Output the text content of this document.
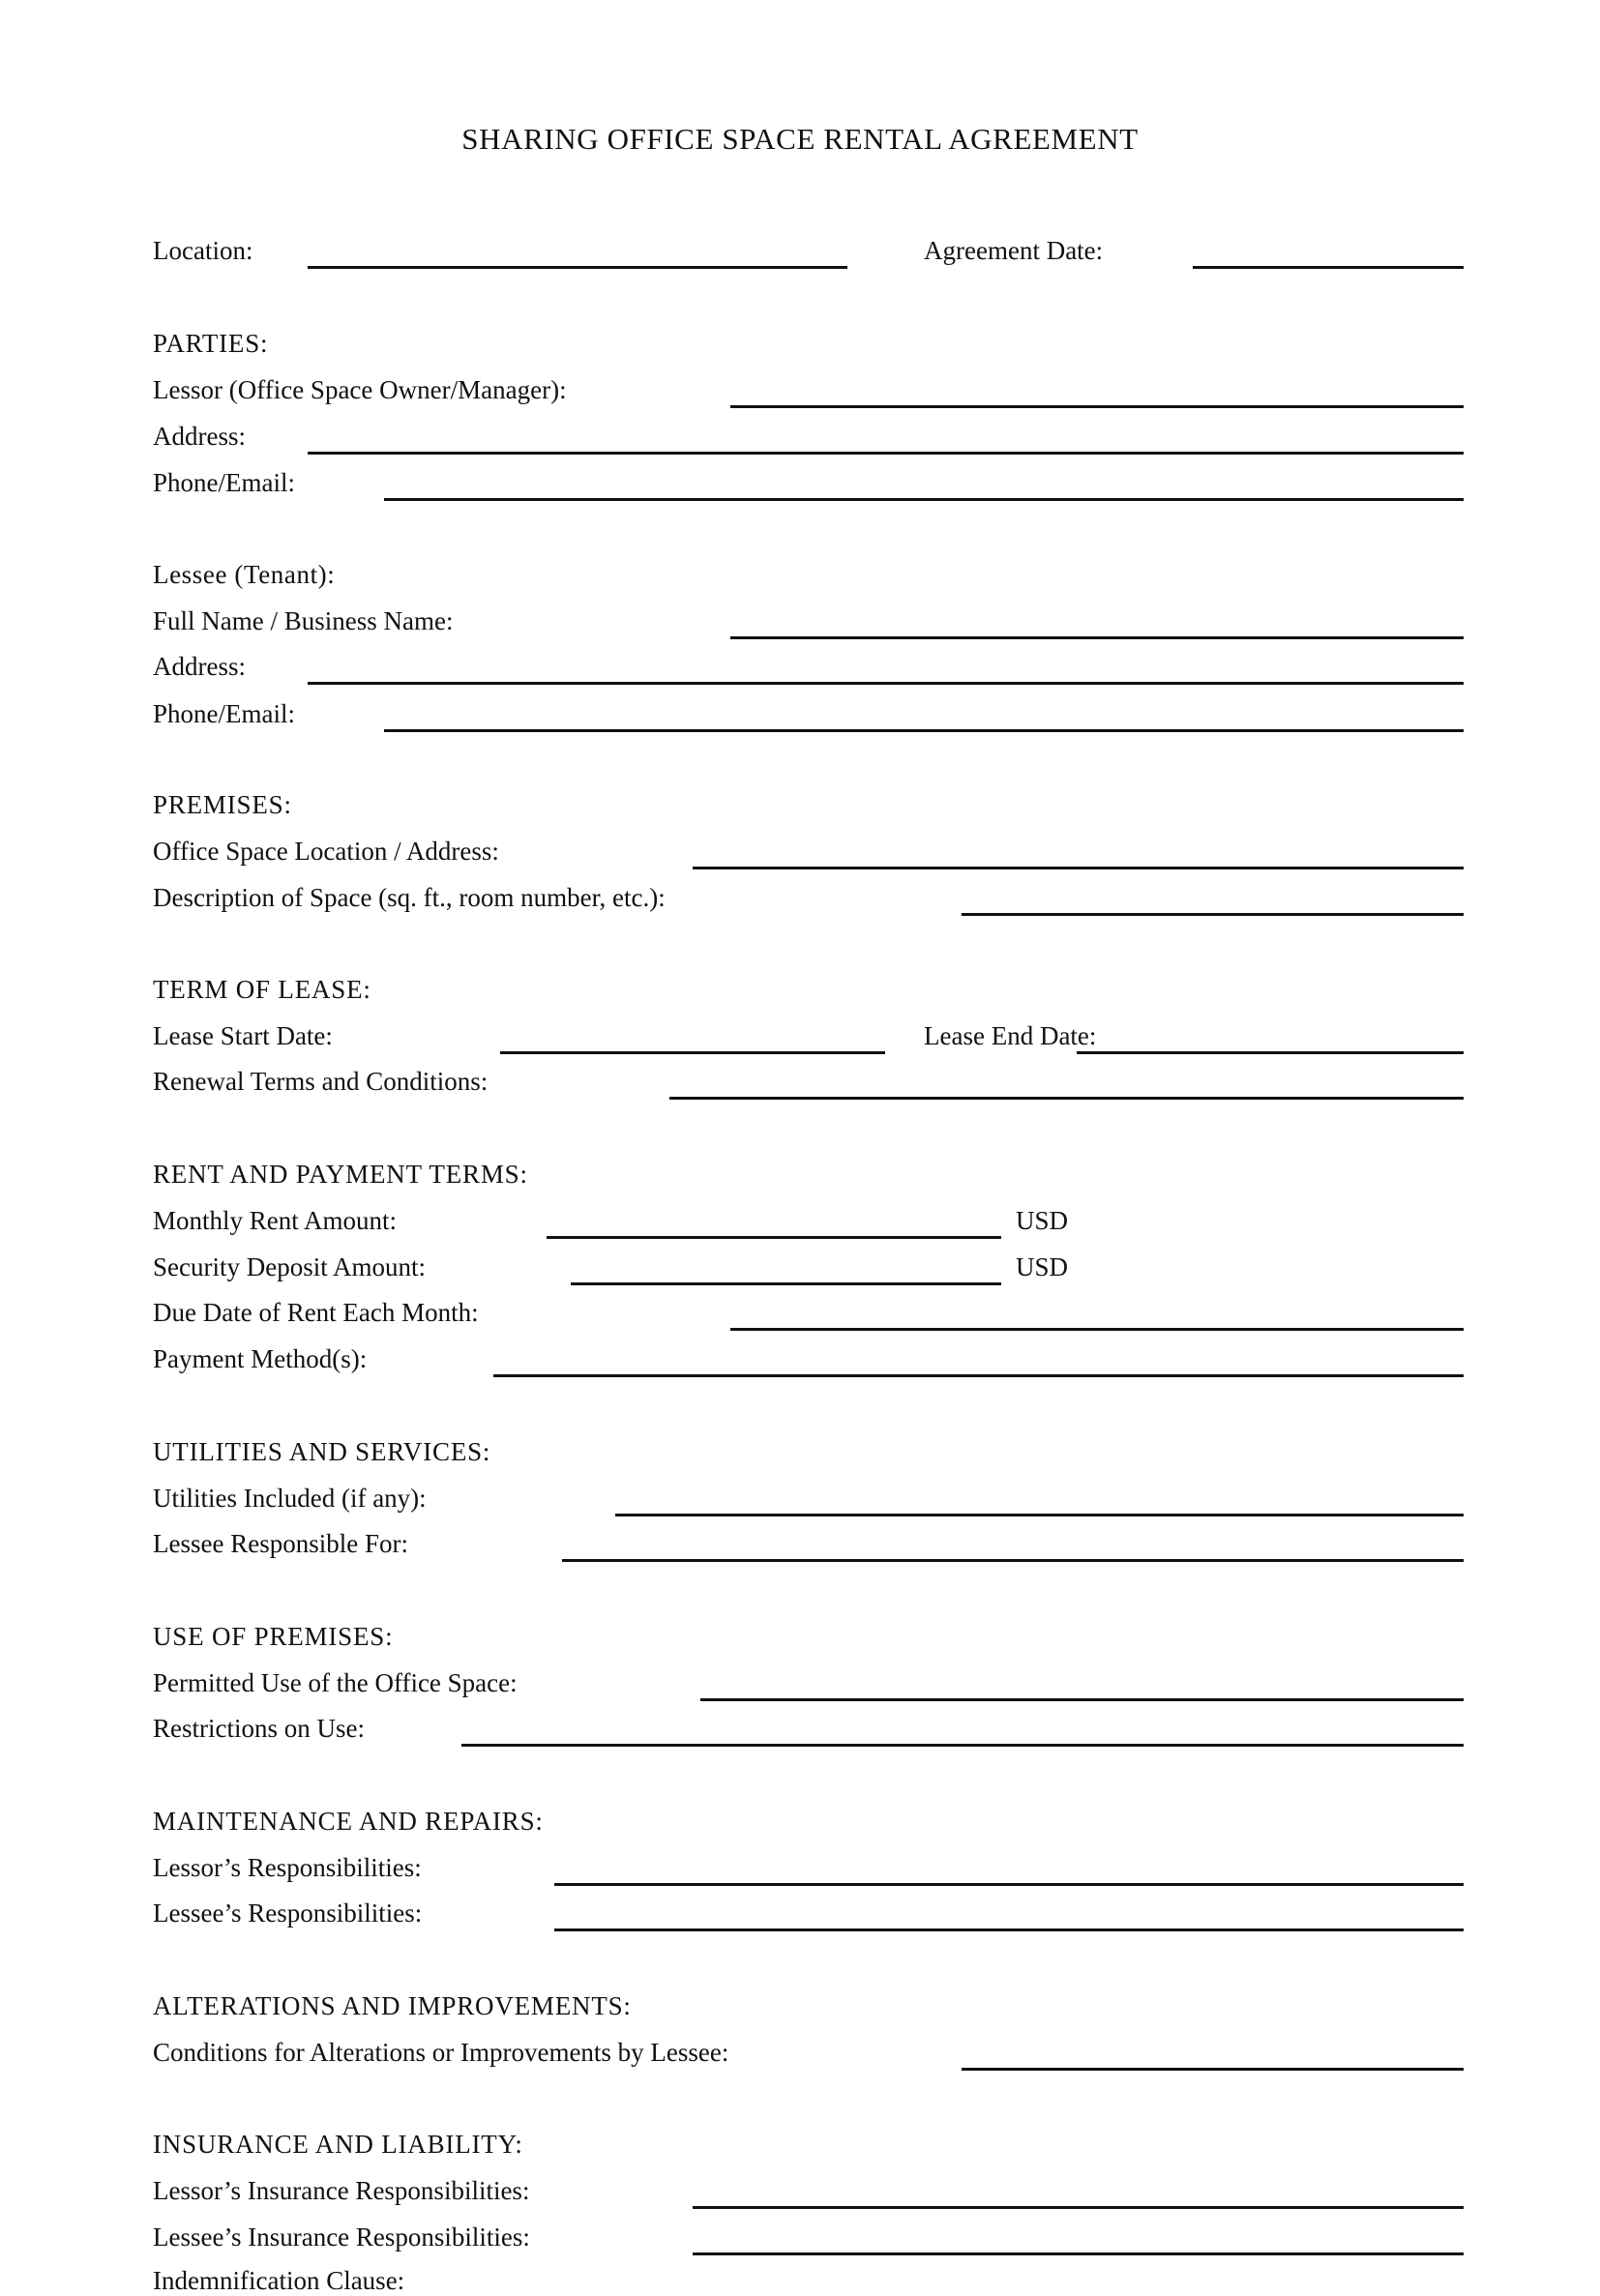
SHARING OFFICE SPACE RENTAL AGREEMENT
Location:	Agreement Date:
PARTIES:
Lessor (Office Space Owner/Manager):
Address:
Phone/Email:
Lessee (Tenant):
Full Name / Business Name:
Address:
Phone/Email:
PREMISES:
Office Space Location / Address:
Description of Space (sq. ft., room number, etc.):
TERM OF LEASE:
Lease Start Date:	Lease End Date:
Renewal Terms and Conditions:
RENT AND PAYMENT TERMS:
Monthly Rent Amount:	USD
Security Deposit Amount:	USD
Due Date of Rent Each Month:
Payment Method(s):
UTILITIES AND SERVICES:
Utilities Included (if any):
Lessee Responsible For:
USE OF PREMISES:
Permitted Use of the Office Space:
Restrictions on Use:
MAINTENANCE AND REPAIRS:
Lessor’s Responsibilities:
Lessee’s Responsibilities:
ALTERATIONS AND IMPROVEMENTS:
Conditions for Alterations or Improvements by Lessee:
INSURANCE AND LIABILITY:
Lessor’s Insurance Responsibilities:
Lessee’s Insurance Responsibilities:
Indemnification Clause:
